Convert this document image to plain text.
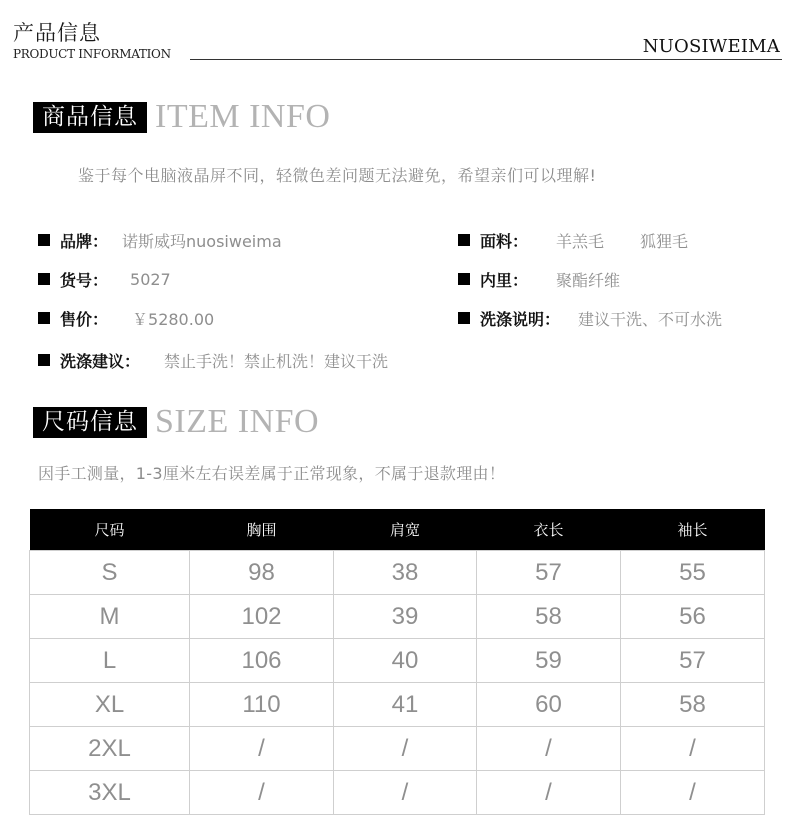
产品信息
PRODUCT INFORMATION	NUOSIWEIMA
商品信息 ITEM INFO
鉴于每个电脑液晶屏不同，轻微色差问题无法避免，希望亲们可以理解!
品牌： 诺斯威玛nuosiweima
货号： 5027
售价： ￥5280.00
洗涤建议： 禁止手洗！禁止机洗！建议干洗
面料： 羊羔毛 狐狸毛
内里： 聚酯纤维
洗涤说明： 建议干洗、不可水洗
尺码信息 SIZE INFO
因手工测量，1-3厘米左右误差属于正常现象，不属于退款理由！
尺码	胸围	肩宽	衣长	袖长
S	98	38	57	55
M	102	39	58	56
L	106	40	59	57
XL	110	41	60	58
2XL	/	/	/	/
3XL	/	/	/	/
